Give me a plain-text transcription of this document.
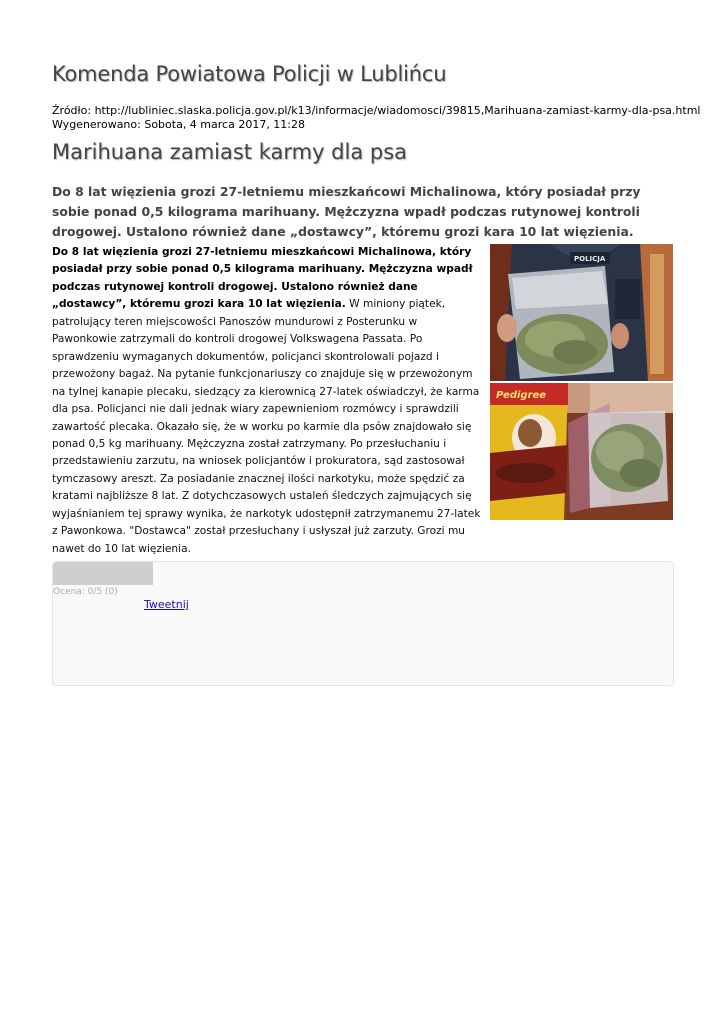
Komenda Powiatowa Policji w Lublińcu
Źródło: http://lubliniec.slaska.policja.gov.pl/k13/informacje/wiadomosci/39815,Marihuana-zamiast-karmy-dla-psa.html
Wygenerowano: Sobota, 4 marca 2017, 11:28
Marihuana zamiast karmy dla psa

Do 8 lat więzienia grozi 27-letniemu mieszkańcowi Michalinowa, który posiadał przy sobie ponad 0,5 kilograma marihuany. Mężczyzna wpadł podczas rutynowej kontroli drogowej. Ustalono również dane „dostawcy”, któremu grozi kara 10 lat więzienia.

Do 8 lat więzienia grozi 27-letniemu mieszkańcowi Michalinowa, który posiadał przy sobie ponad 0,5 kilograma marihuany. Mężczyzna wpadł podczas rutynowej kontroli drogowej. Ustalono również dane „dostawcy”, któremu grozi kara 10 lat więzienia. W miniony piątek, patrolujący teren miejscowości Panoszów mundurowi z Posterunku w Pawonkowie zatrzymali do kontroli drogowej Volkswagena Passata. Po sprawdzeniu wymaganych dokumentów, policjanci skontrolowali pojazd i przewożony bagaż. Na pytanie funkcjonariuszy co znajduje się w przewożonym na tylnej kanapie plecaku, siedzący za kierownicą 27-latek oświadczył, że karma dla psa. Policjanci nie dali jednak wiary zapewnieniom rozmówcy i sprawdzili zawartość plecaka. Okazało się, że w worku po karmie dla psów znajdowało się ponad 0,5 kg marihuany. Mężczyzna został zatrzymany. Po przesłuchaniu i przedstawieniu zarzutu, na wniosek policjantów i prokuratora, sąd zastosował tymczasowy areszt. Za posiadanie znacznej ilości narkotyku, może spędzić za kratami najbliższe 8 lat. Z dotychczasowych ustaleń śledczych zajmujących się wyjaśnianiem tej sprawy wynika, że narkotyk udostępnił zatrzymanemu 27-latek z Pawonkowa. "Dostawca" został przesłuchany i usłyszał już zarzuty. Grozi mu nawet do 10 lat więzienia.

POLICJA
Pedigree
Ocena: 0/5 (0)
Tweetnij
